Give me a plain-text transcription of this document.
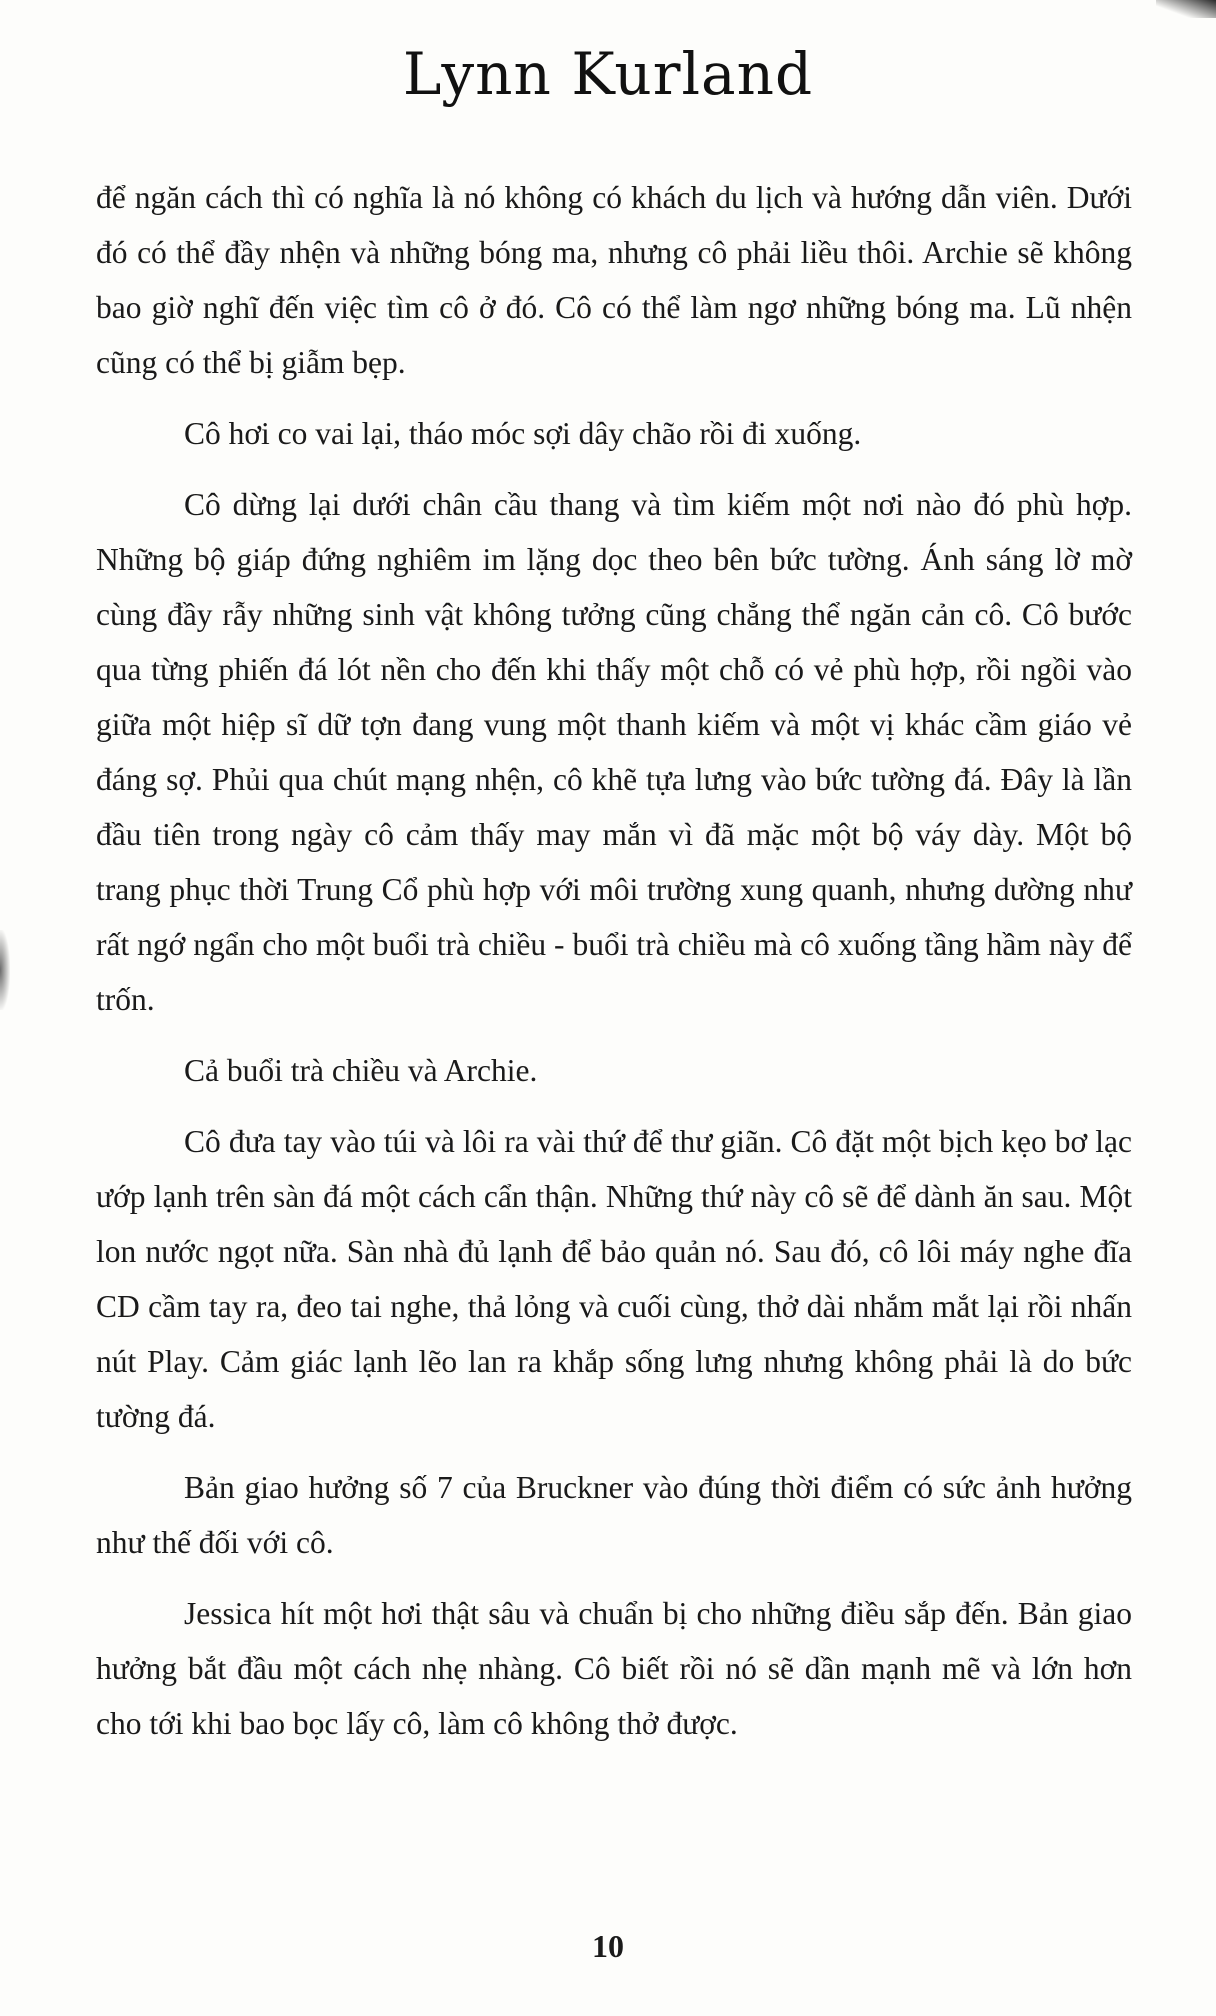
Lynn Kurland

để ngăn cách thì có nghĩa là nó không có khách du lịch và hướng dẫn viên. Dưới đó có thể đầy nhện và những bóng ma, nhưng cô phải liều thôi. Archie sẽ không bao giờ nghĩ đến việc tìm cô ở đó. Cô có thể làm ngơ những bóng ma. Lũ nhện cũng có thể bị giẫm bẹp.

Cô hơi co vai lại, tháo móc sợi dây chão rồi đi xuống.

Cô dừng lại dưới chân cầu thang và tìm kiếm một nơi nào đó phù hợp. Những bộ giáp đứng nghiêm im lặng dọc theo bên bức tường. Ánh sáng lờ mờ cùng đầy rẫy những sinh vật không tưởng cũng chẳng thể ngăn cản cô. Cô bước qua từng phiến đá lót nền cho đến khi thấy một chỗ có vẻ phù hợp, rồi ngồi vào giữa một hiệp sĩ dữ tợn đang vung một thanh kiếm và một vị khác cầm giáo vẻ đáng sợ. Phủi qua chút mạng nhện, cô khẽ tựa lưng vào bức tường đá. Đây là lần đầu tiên trong ngày cô cảm thấy may mắn vì đã mặc một bộ váy dày. Một bộ trang phục thời Trung Cổ phù hợp với môi trường xung quanh, nhưng dường như rất ngớ ngẩn cho một buổi trà chiều - buổi trà chiều mà cô xuống tầng hầm này để trốn.

Cả buổi trà chiều và Archie.

Cô đưa tay vào túi và lôi ra vài thứ để thư giãn. Cô đặt một bịch kẹo bơ lạc ướp lạnh trên sàn đá một cách cẩn thận. Những thứ này cô sẽ để dành ăn sau. Một lon nước ngọt nữa. Sàn nhà đủ lạnh để bảo quản nó. Sau đó, cô lôi máy nghe đĩa CD cầm tay ra, đeo tai nghe, thả lỏng và cuối cùng, thở dài nhắm mắt lại rồi nhấn nút Play. Cảm giác lạnh lẽo lan ra khắp sống lưng nhưng không phải là do bức tường đá.

Bản giao hưởng số 7 của Bruckner vào đúng thời điểm có sức ảnh hưởng như thế đối với cô.

Jessica hít một hơi thật sâu và chuẩn bị cho những điều sắp đến. Bản giao hưởng bắt đầu một cách nhẹ nhàng. Cô biết rồi nó sẽ dần mạnh mẽ và lớn hơn cho tới khi bao bọc lấy cô, làm cô không thở được.

10
